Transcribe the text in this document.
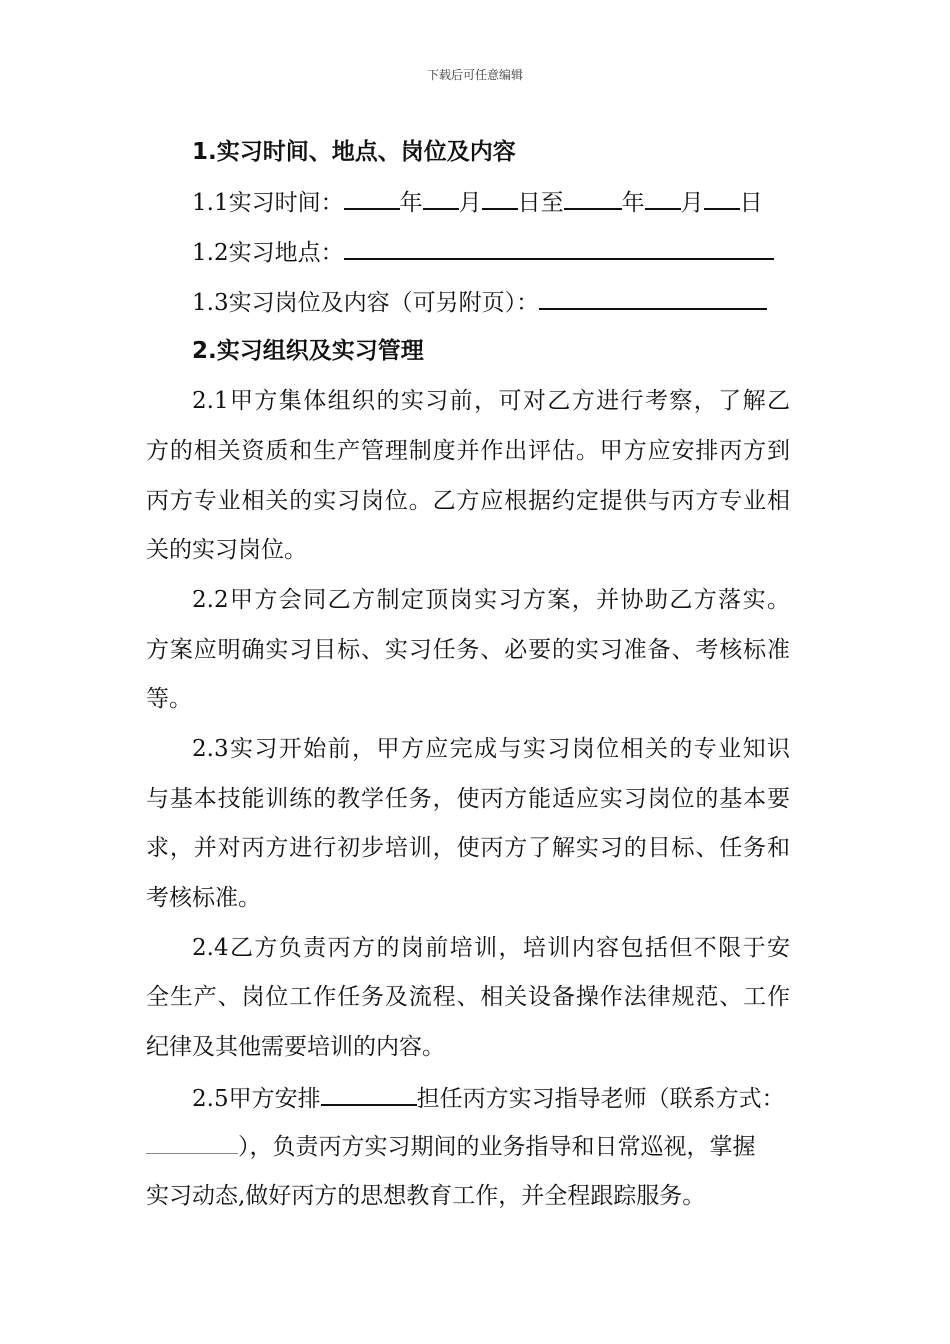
下载后可任意编辑
1.实习时间、地点、岗位及内容
1.1实习时间： 年 月 日至	年 月 日
1.2实习地点：
1.3实习岗位及内容（可另附页）：
2.实习组织及实习管理
2.1甲方集体组织的实习前，可对乙方进行考察，了解乙
方的相关资质和生产管理制度并作出评估。甲方应安排丙方到
丙方专业相关的实习岗位。乙方应根据约定提供与丙方专业相
关的实习岗位。
2.2甲方会同乙方制定顶岗实习方案，并协助乙方落实。
方案应明确实习目标、实习任务、必要的实习准备、考核标准
等。
2.3实习开始前，甲方应完成与实习岗位相关的专业知识
与基本技能训练的教学任务，使丙方能适应实习岗位的基本要
求，并对丙方进行初步培训，使丙方了解实习的目标、任务和
考核标准。
2.4乙方负责丙方的岗前培训，培训内容包括但不限于安
全生产、岗位工作任务及流程、相关设备操作法律规范、工作
纪律及其他需要培训的内容。
2.5甲方安排	担任丙方实习指导老师（联系方式：
），负责丙方实习期间的业务指导和日常巡视，掌握
实习动态,做好丙方的思想教育工作，并全程跟踪服务。
